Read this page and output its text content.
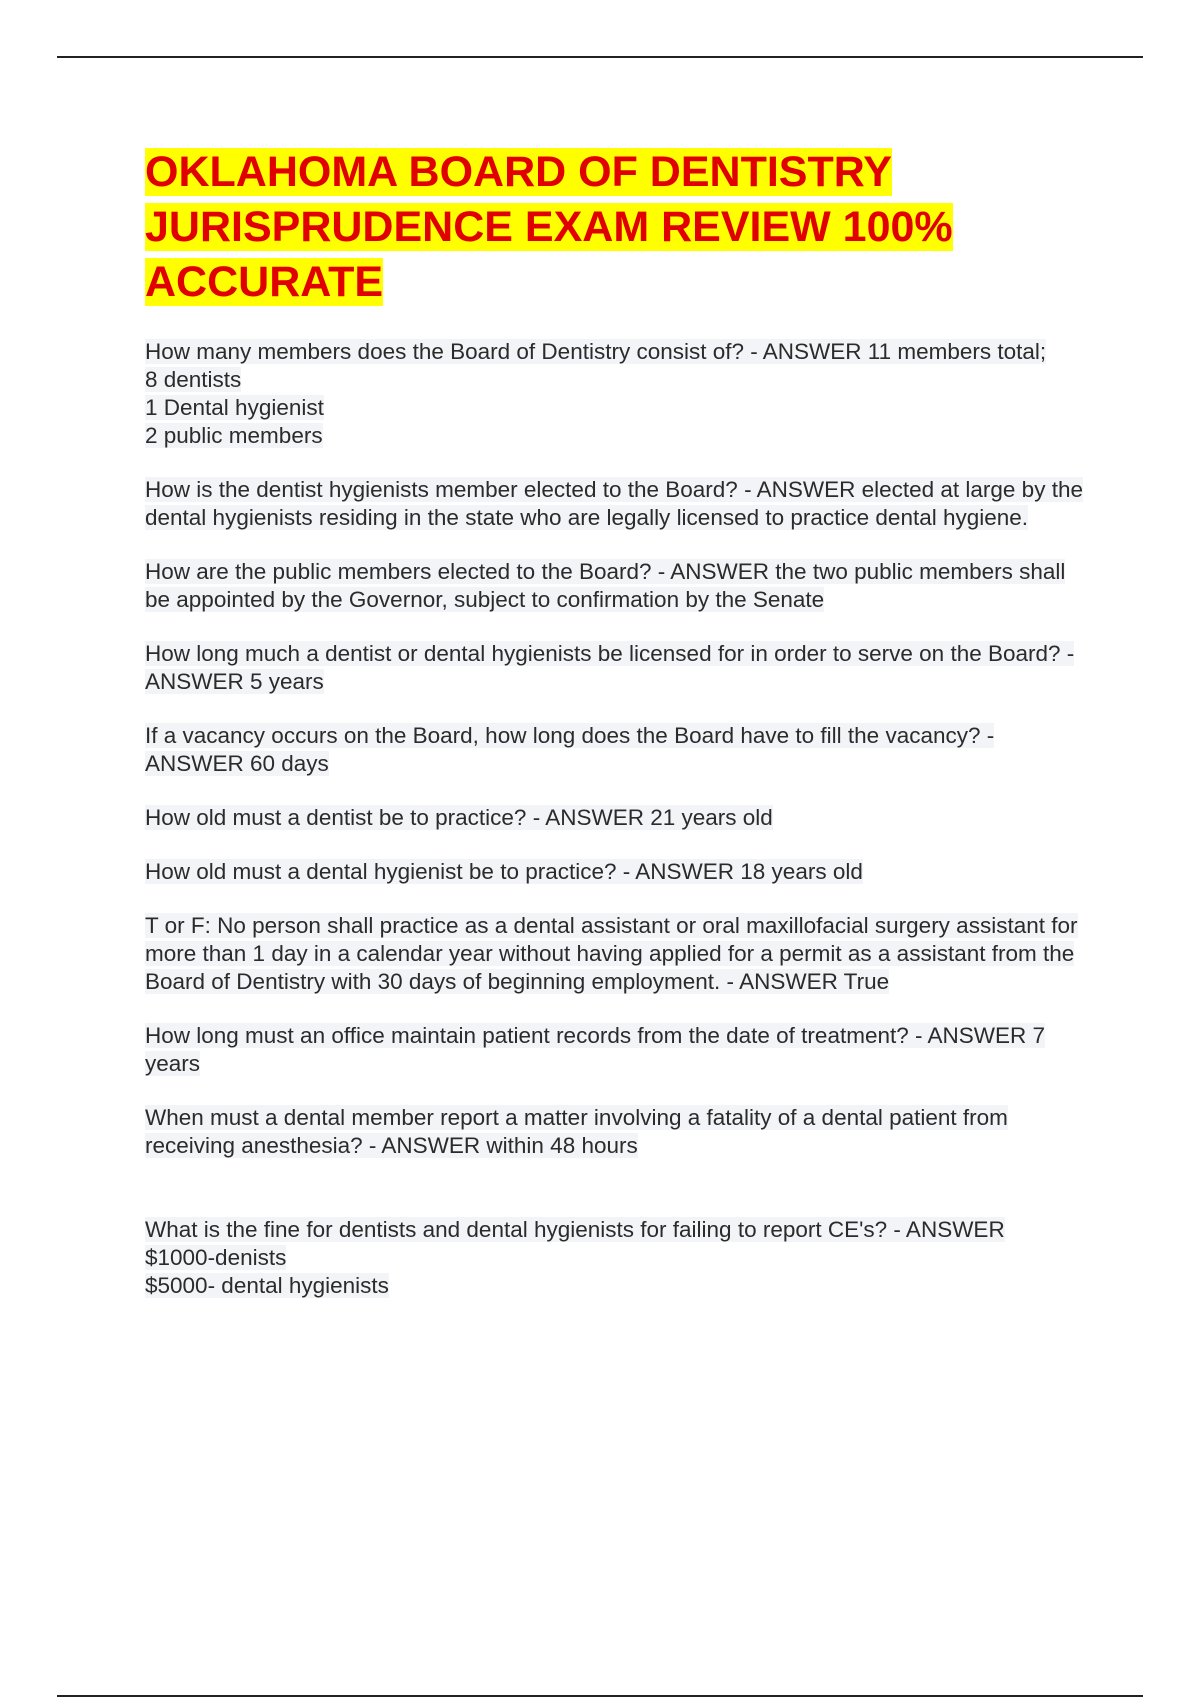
OKLAHOMA BOARD OF DENTISTRY JURISPRUDENCE EXAM REVIEW 100% ACCURATE

How many members does the Board of Dentistry consist of? - ANSWER 11 members total;
8 dentists
1 Dental hygienist
2 public members

How is the dentist hygienists member elected to the Board? - ANSWER elected at large by the dental hygienists residing in the state who are legally licensed to practice dental hygiene.

How are the public members elected to the Board? - ANSWER the two public members shall be appointed by the Governor, subject to confirmation by the Senate

How long much a dentist or dental hygienists be licensed for in order to serve on the Board? - ANSWER 5 years

If a vacancy occurs on the Board, how long does the Board have to fill the vacancy? - ANSWER 60 days

How old must a dentist be to practice? - ANSWER 21 years old

How old must a dental hygienist be to practice? - ANSWER 18 years old

T or F: No person shall practice as a dental assistant or oral maxillofacial surgery assistant for more than 1 day in a calendar year without having applied for a permit as a assistant from the Board of Dentistry with 30 days of beginning employment. - ANSWER True

How long must an office maintain patient records from the date of treatment? - ANSWER 7 years

When must a dental member report a matter involving a fatality of a dental patient from receiving anesthesia? - ANSWER within 48 hours

What is the fine for dentists and dental hygienists for failing to report CE's? - ANSWER
$1000-denists
$5000- dental hygienists
